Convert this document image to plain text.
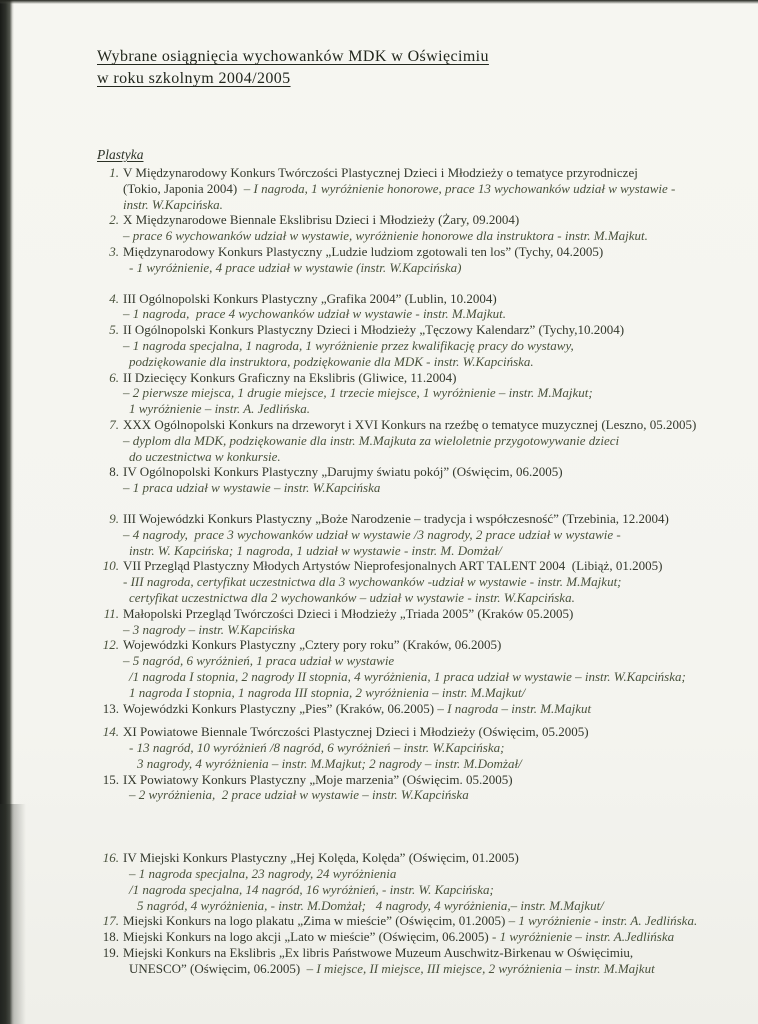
Wybrane osiągnięcia wychowanków MDK w Oświęcimiu
w roku szkolnym 2004/2005
Plastyka
1. V Międzynarodowy Konkurs Twórczości Plastycznej Dzieci i Młodzieży o tematyce przyrodniczej
(Tokio, Japonia 2004)  – I nagroda, 1 wyróżnienie honorowe, prace 13 wychowanków udział w wystawie -
instr. W.Kapcińska.
2. X Międzynarodowe Biennale Ekslibrisu Dzieci i Młodzieży (Żary, 09.2004)
– prace 6 wychowanków udział w wystawie, wyróżnienie honorowe dla instruktora - instr. M.Majkut.
3. Międzynarodowy Konkurs Plastyczny „Ludzie ludziom zgotowali ten los” (Tychy, 04.2005)
- 1 wyróżnienie, 4 prace udział w wystawie (instr. W.Kapcińska)
4. III Ogólnopolski Konkurs Plastyczny „Grafika 2004” (Lublin, 10.2004)
– 1 nagroda,  prace 4 wychowanków udział w wystawie - instr. M.Majkut.
5. II Ogólnopolski Konkurs Plastyczny Dzieci i Młodzieży „Tęczowy Kalendarz” (Tychy,10.2004)
– 1 nagroda specjalna, 1 nagroda, 1 wyróżnienie przez kwalifikację pracy do wystawy,
podziękowanie dla instruktora, podziękowanie dla MDK - instr. W.Kapcińska.
6. II Dziecięcy Konkurs Graficzny na Ekslibris (Gliwice, 11.2004)
– 2 pierwsze miejsca, 1 drugie miejsce, 1 trzecie miejsce, 1 wyróżnienie – instr. M.Majkut;
1 wyróżnienie – instr. A. Jedlińska.
7. XXX Ogólnopolski Konkurs na drzeworyt i XVI Konkurs na rzeźbę o tematyce muzycznej (Leszno, 05.2005)
– dyplom dla MDK, podziękowanie dla instr. M.Majkuta za wieloletnie przygotowywanie dzieci
do uczestnictwa w konkursie.
8. IV Ogólnopolski Konkurs Plastyczny „Darujmy światu pokój” (Oświęcim, 06.2005)
– 1 praca udział w wystawie – instr. W.Kapcińska
9. III Wojewódzki Konkurs Plastyczny „Boże Narodzenie – tradycja i współczesność” (Trzebinia, 12.2004)
– 4 nagrody,  prace 3 wychowanków udział w wystawie /3 nagrody, 2 prace udział w wystawie -
instr. W. Kapcińska; 1 nagroda, 1 udział w wystawie - instr. M. Domżał/
10. VII Przegląd Plastyczny Młodych Artystów Nieprofesjonalnych ART TALENT 2004  (Libiąż, 01.2005)
- III nagroda, certyfikat uczestnictwa dla 3 wychowanków -udział w wystawie - instr. M.Majkut;
certyfikat uczestnictwa dla 2 wychowanków – udział w wystawie - instr. W.Kapcińska.
11. Małopolski Przegląd Twórczości Dzieci i Młodzieży „Triada 2005” (Kraków 05.2005)
– 3 nagrody – instr. W.Kapcińska
12. Wojewódzki Konkurs Plastyczny „Cztery pory roku” (Kraków, 06.2005)
– 5 nagród, 6 wyróżnień, 1 praca udział w wystawie
/1 nagroda I stopnia, 2 nagrody II stopnia, 4 wyróżnienia, 1 praca udział w wystawie – instr. W.Kapcińska;
1 nagroda I stopnia, 1 nagroda III stopnia, 2 wyróżnienia – instr. M.Majkut/
13. Wojewódzki Konkurs Plastyczny „Pies” (Kraków, 06.2005) – I nagroda – instr. M.Majkut
14. XI Powiatowe Biennale Twórczości Plastycznej Dzieci i Młodzieży (Oświęcim, 05.2005)
- 13 nagród, 10 wyróżnień /8 nagród, 6 wyróżnień – instr. W.Kapcińska;
3 nagrody, 4 wyróżnienia – instr. M.Majkut; 2 nagrody – instr. M.Domżał/
15. IX Powiatowy Konkurs Plastyczny „Moje marzenia” (Oświęcim. 05.2005)
– 2 wyróżnienia,  2 prace udział w wystawie – instr. W.Kapcińska
16. IV Miejski Konkurs Plastyczny „Hej Kolęda, Kolęda” (Oświęcim, 01.2005)
– 1 nagroda specjalna, 23 nagrody, 24 wyróżnienia
/1 nagroda specjalna, 14 nagród, 16 wyróżnień, - instr. W. Kapcińska;
5 nagród, 4 wyróżnienia, - instr. M.Domżał;   4 nagrody, 4 wyróżnienia,– instr. M.Majkut/
17. Miejski Konkurs na logo plakatu „Zima w mieście” (Oświęcim, 01.2005) – 1 wyróżnienie - instr. A. Jedlińska.
18. Miejski Konkurs na logo akcji „Lato w mieście” (Oświęcim, 06.2005) - 1 wyróżnienie – instr. A.Jedlińska
19. Miejski Konkurs na Ekslibris „Ex libris Państwowe Muzeum Auschwitz-Birkenau w Oświęcimiu,
UNESCO” (Oświęcim, 06.2005)  – I miejsce, II miejsce, III miejsce, 2 wyróżnienia – instr. M.Majkut
